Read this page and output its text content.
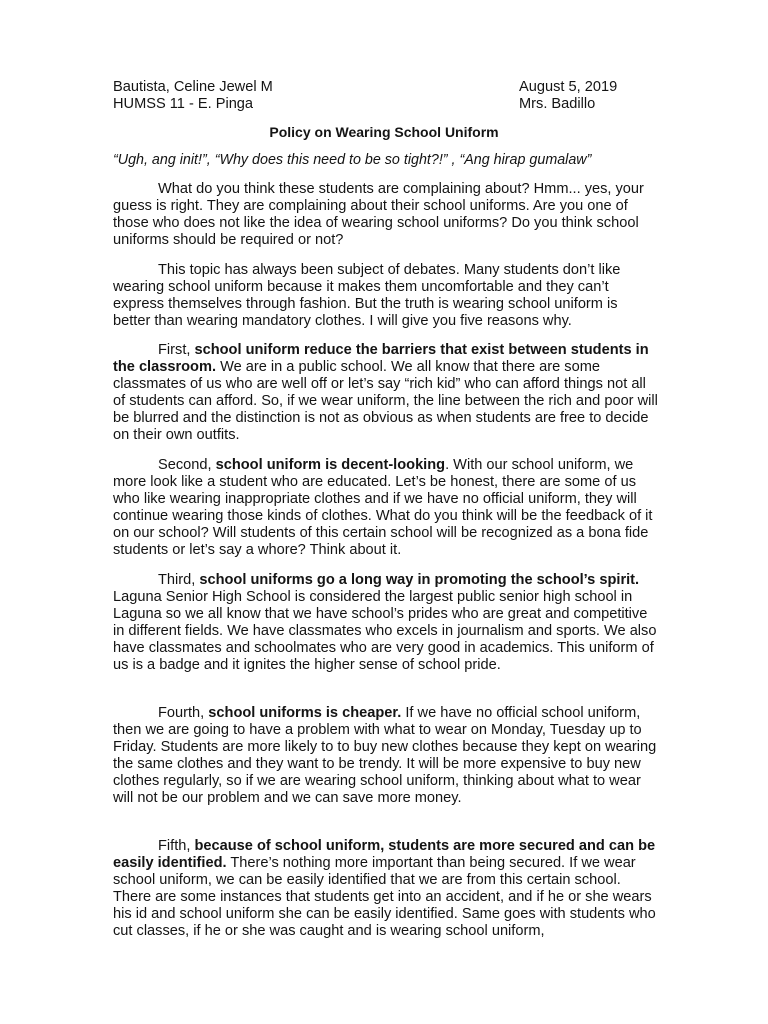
Bautista, Celine Jewel M	August 5, 2019
HUMSS 11 - E. Pinga	Mrs. Badillo
Policy on Wearing School Uniform
“Ugh, ang init!”, “Why does this need to be so tight?!” , “Ang hirap gumalaw”
What do you think these students are complaining about? Hmm... yes, your guess is right. They are complaining about their school uniforms. Are you one of those who does not like the idea of wearing school uniforms? Do you think school uniforms should be required or not?
This topic has always been subject of debates. Many students don’t like wearing school uniform because it makes them uncomfortable and they can’t express themselves through fashion. But the truth is wearing school uniform is better than wearing mandatory clothes. I will give you five reasons why.
First, school uniform reduce the barriers that exist between students in the classroom. We are in a public school. We all know that there are some classmates of us who are well off or let’s say “rich kid” who can afford things not all of students can afford. So, if we wear uniform, the line between the rich and poor will be blurred and the distinction is not as obvious as when students are free to decide on their own outfits.
Second, school uniform is decent-looking. With our school uniform, we more look like a student who are educated. Let’s be honest, there are some of us who like wearing inappropriate clothes and if we have no official uniform, they will continue wearing those kinds of clothes. What do you think will be the feedback of it on our school? Will students of this certain school will be recognized as a bona fide students or let’s say a whore? Think about it.
Third, school uniforms go a long way in promoting the school’s spirit. Laguna Senior High School is considered the largest public senior high school in Laguna so we all know that we have school’s prides who are great and competitive in different fields. We have classmates who excels in journalism and sports. We also have classmates and schoolmates who are very good in academics. This uniform of us is a badge and it ignites the higher sense of school pride.
Fourth, school uniforms is cheaper. If we have no official school uniform, then we are going to have a problem with what to wear on Monday, Tuesday up to Friday. Students are more likely to to buy new clothes because they kept on wearing the same clothes and they want to be trendy. It will be more expensive to buy new clothes regularly, so if we are wearing school uniform, thinking about what to wear will not be our problem and we can save more money.
Fifth, because of school uniform, students are more secured and can be easily identified. There’s nothing more important than being secured. If we wear school uniform, we can be easily identified that we are from this certain school. There are some instances that students get into an accident, and if he or she wears his id and school uniform she can be easily identified. Same goes with students who cut classes, if he or she was caught and is wearing school uniform,
